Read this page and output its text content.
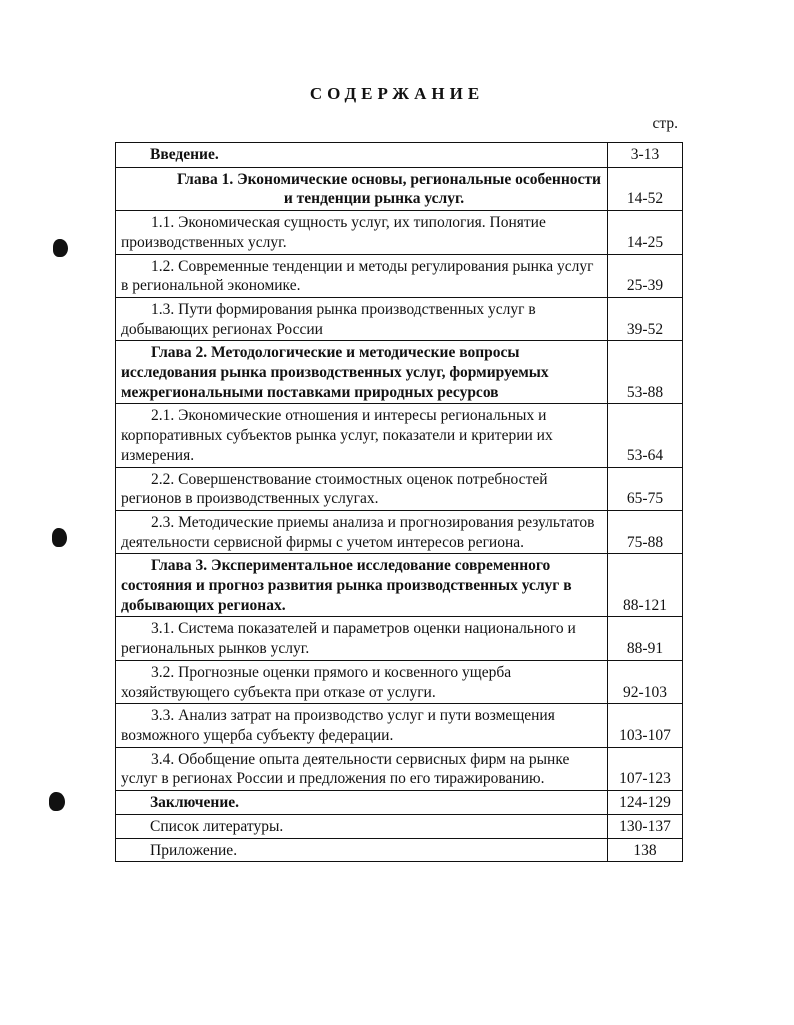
СОДЕРЖАНИЕ
стр.
Введение.	3-13
Глава 1. Экономические основы, региональные особенности и тенденции рынка услуг.	14-52
1.1. Экономическая сущность услуг, их типология. Понятие производственных услуг.	14-25
1.2. Современные тенденции и методы регулирования рынка услуг в региональной экономике.	25-39
1.3. Пути формирования рынка производственных услуг в добывающих регионах России	39-52
Глава 2. Методологические и методические вопросы исследования рынка производственных услуг, формируемых межрегиональными поставками природных ресурсов	53-88
2.1. Экономические отношения и интересы региональных и корпоративных субъектов рынка услуг, показатели и критерии их измерения.	53-64
2.2. Совершенствование стоимостных оценок потребностей регионов в производственных услугах.	65-75
2.3. Методические приемы анализа и прогнозирования результатов деятельности сервисной фирмы с учетом интересов региона.	75-88
Глава 3. Экспериментальное исследование современного состояния и прогноз развития рынка производственных услуг в добывающих регионах.	88-121
3.1. Система показателей и параметров оценки национального и региональных рынков услуг.	88-91
3.2. Прогнозные оценки прямого и косвенного ущерба хозяйствующего субъекта при отказе от услуги.	92-103
3.3. Анализ затрат на производство услуг и пути возмещения возможного ущерба субъекту федерации.	103-107
3.4. Обобщение опыта деятельности сервисных фирм на рынке услуг в регионах России и предложения по его тиражированию.	107-123
Заключение.	124-129
Список литературы.	130-137
Приложение.	138
